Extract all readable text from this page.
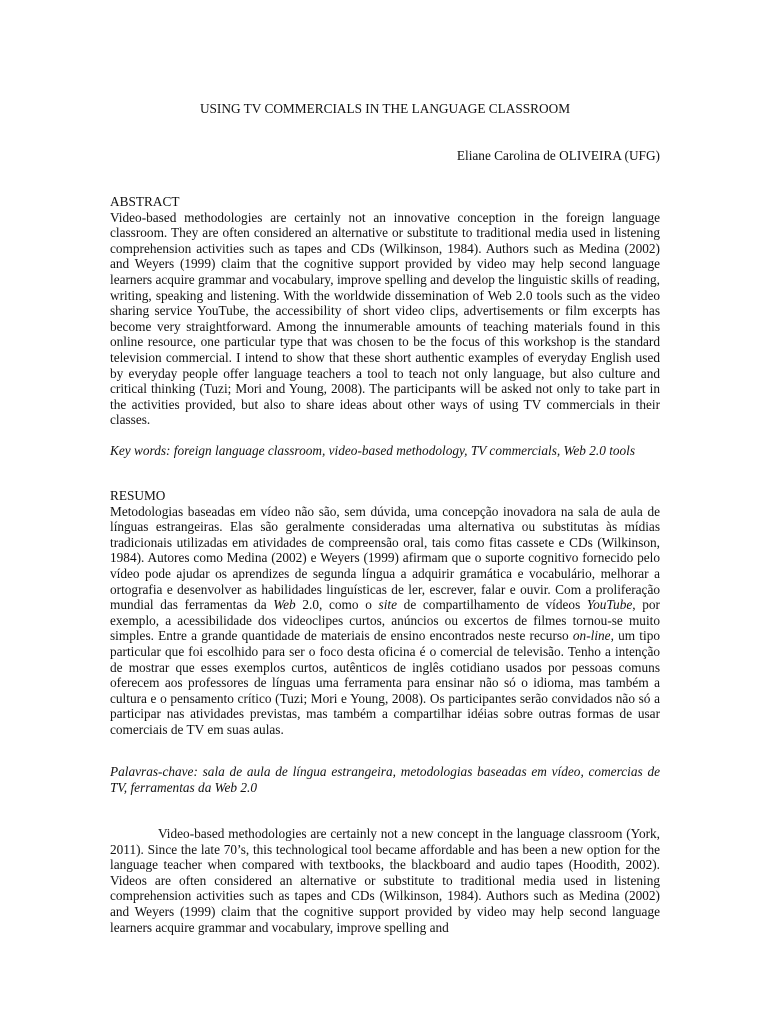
USING TV COMMERCIALS IN THE LANGUAGE CLASSROOM
Eliane Carolina de OLIVEIRA (UFG)
ABSTRACT

Video-based methodologies are certainly not an innovative conception in the foreign language classroom. They are often considered an alternative or substitute to traditional media used in listening comprehension activities such as tapes and CDs (Wilkinson, 1984). Authors such as Medina (2002) and Weyers (1999) claim that the cognitive support provided by video may help second language learners acquire grammar and vocabulary, improve spelling and develop the linguistic skills of reading, writing, speaking and listening. With the worldwide dissemination of Web 2.0 tools such as the video sharing service YouTube, the accessibility of short video clips, advertisements or film excerpts has become very straightforward. Among the innumerable amounts of teaching materials found in this online resource, one particular type that was chosen to be the focus of this workshop is the standard television commercial. I intend to show that these short authentic examples of everyday English used by everyday people offer language teachers a tool to teach not only language, but also culture and critical thinking (Tuzi; Mori and Young, 2008). The participants will be asked not only to take part in the activities provided, but also to share ideas about other ways of using TV commercials in their classes.

Key words: foreign language classroom, video-based methodology, TV commercials, Web 2.0 tools

RESUMO

Metodologias baseadas em vídeo não são, sem dúvida, uma concepção inovadora na sala de aula de línguas estrangeiras. Elas são geralmente consideradas uma alternativa ou substitutas às mídias tradicionais utilizadas em atividades de compreensão oral, tais como fitas cassete e CDs (Wilkinson, 1984). Autores como Medina (2002) e Weyers (1999) afirmam que o suporte cognitivo fornecido pelo vídeo pode ajudar os aprendizes de segunda língua a adquirir gramática e vocabulário, melhorar a ortografia e desenvolver as habilidades linguísticas de ler, escrever, falar e ouvir. Com a proliferação mundial das ferramentas da Web 2.0, como o site de compartilhamento de vídeos YouTube, por exemplo, a acessibilidade dos videoclipes curtos, anúncios ou excertos de filmes tornou-se muito simples. Entre a grande quantidade de materiais de ensino encontrados neste recurso on-line, um tipo particular que foi escolhido para ser o foco desta oficina é o comercial de televisão. Tenho a intenção de mostrar que esses exemplos curtos, autênticos de inglês cotidiano usados por pessoas comuns oferecem aos professores de línguas uma ferramenta para ensinar não só o idioma, mas também a cultura e o pensamento crítico (Tuzi; Mori e Young, 2008). Os participantes serão convidados não só a participar nas atividades previstas, mas também a compartilhar idéias sobre outras formas de usar comerciais de TV em suas aulas.

Palavras-chave: sala de aula de língua estrangeira, metodologias baseadas em vídeo, comercias de TV, ferramentas da Web 2.0

Video-based methodologies are certainly not a new concept in the language classroom (York, 2011). Since the late 70’s, this technological tool became affordable and has been a new option for the language teacher when compared with textbooks, the blackboard and audio tapes (Hoodith, 2002). Videos are often considered an alternative or substitute to traditional media used in listening comprehension activities such as tapes and CDs (Wilkinson, 1984). Authors such as Medina (2002) and Weyers (1999) claim that the cognitive support provided by video may help second language learners acquire grammar and vocabulary, improve spelling and
